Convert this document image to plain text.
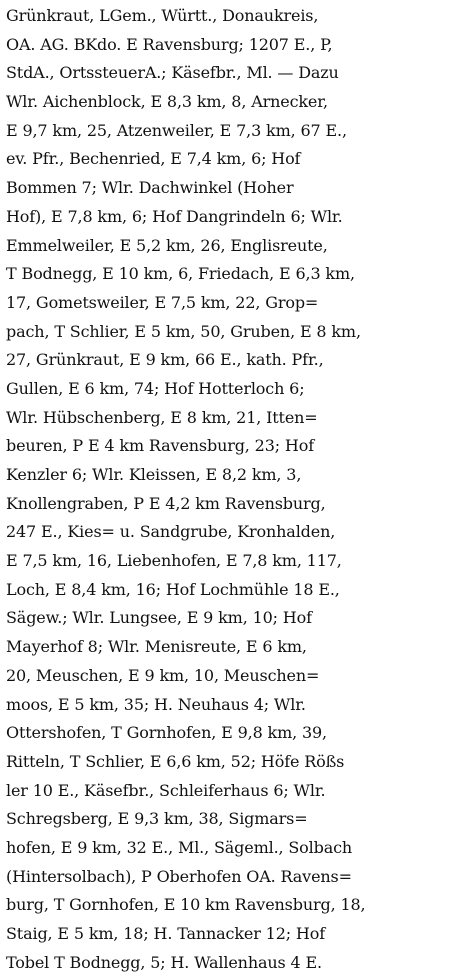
Grünkraut, LGem., Württ., Donaukreis,
OA. AG. BKdo. E Ravensburg; 1207 E., P,
StdA., OrtssteuerA.; Käsefbr., Ml. — Dazu
Wlr. Aichenblock, E 8,3 km, 8, Arnecker,
E 9,7 km, 25, Atzenweiler, E 7,3 km, 67 E.,
ev. Pfr., Bechenried, E 7,4 km, 6; Hof
Bommen 7; Wlr. Dachwinkel (Hoher
Hof), E 7,8 km, 6; Hof Dangrindeln 6; Wlr.
Emmelweiler, E 5,2 km, 26, Englisreute,
T Bodnegg, E 10 km, 6, Friedach, E 6,3 km,
17, Gometsweiler, E 7,5 km, 22, Grop=
pach, T Schlier, E 5 km, 50, Gruben, E 8 km,
27, Grünkraut, E 9 km, 66 E., kath. Pfr.,
Gullen, E 6 km, 74; Hof Hotterloch 6;
Wlr. Hübschenberg, E 8 km, 21, Itten=
beuren, P E 4 km Ravensburg, 23; Hof
Kenzler 6; Wlr. Kleissen, E 8,2 km, 3,
Knollengraben, P E 4,2 km Ravensburg,
247 E., Kies= u. Sandgrube, Kronhalden,
E 7,5 km, 16, Liebenhofen, E 7,8 km, 117,
Loch, E 8,4 km, 16; Hof Lochmühle 18 E.,
Sägew.; Wlr. Lungsee, E 9 km, 10; Hof
Mayerhof 8; Wlr. Menisreute, E 6 km,
20, Meuschen, E 9 km, 10, Meuschen=
moos, E 5 km, 35; H. Neuhaus 4; Wlr.
Ottershofen, T Gornhofen, E 9,8 km, 39,
Ritteln, T Schlier, E 6,6 km, 52; Höfe Rößs
ler 10 E., Käsefbr., Schleiferhaus 6; Wlr.
Schregsberg, E 9,3 km, 38, Sigmars=
hofen, E 9 km, 32 E., Ml., Sägeml., Solbach
(Hintersolbach), P Oberhofen OA. Ravens=
burg, T Gornhofen, E 10 km Ravensburg, 18,
Staig, E 5 km, 18; H. Tannacker 12; Hof
Tobel T Bodnegg, 5; H. Wallenhaus 4 E.
